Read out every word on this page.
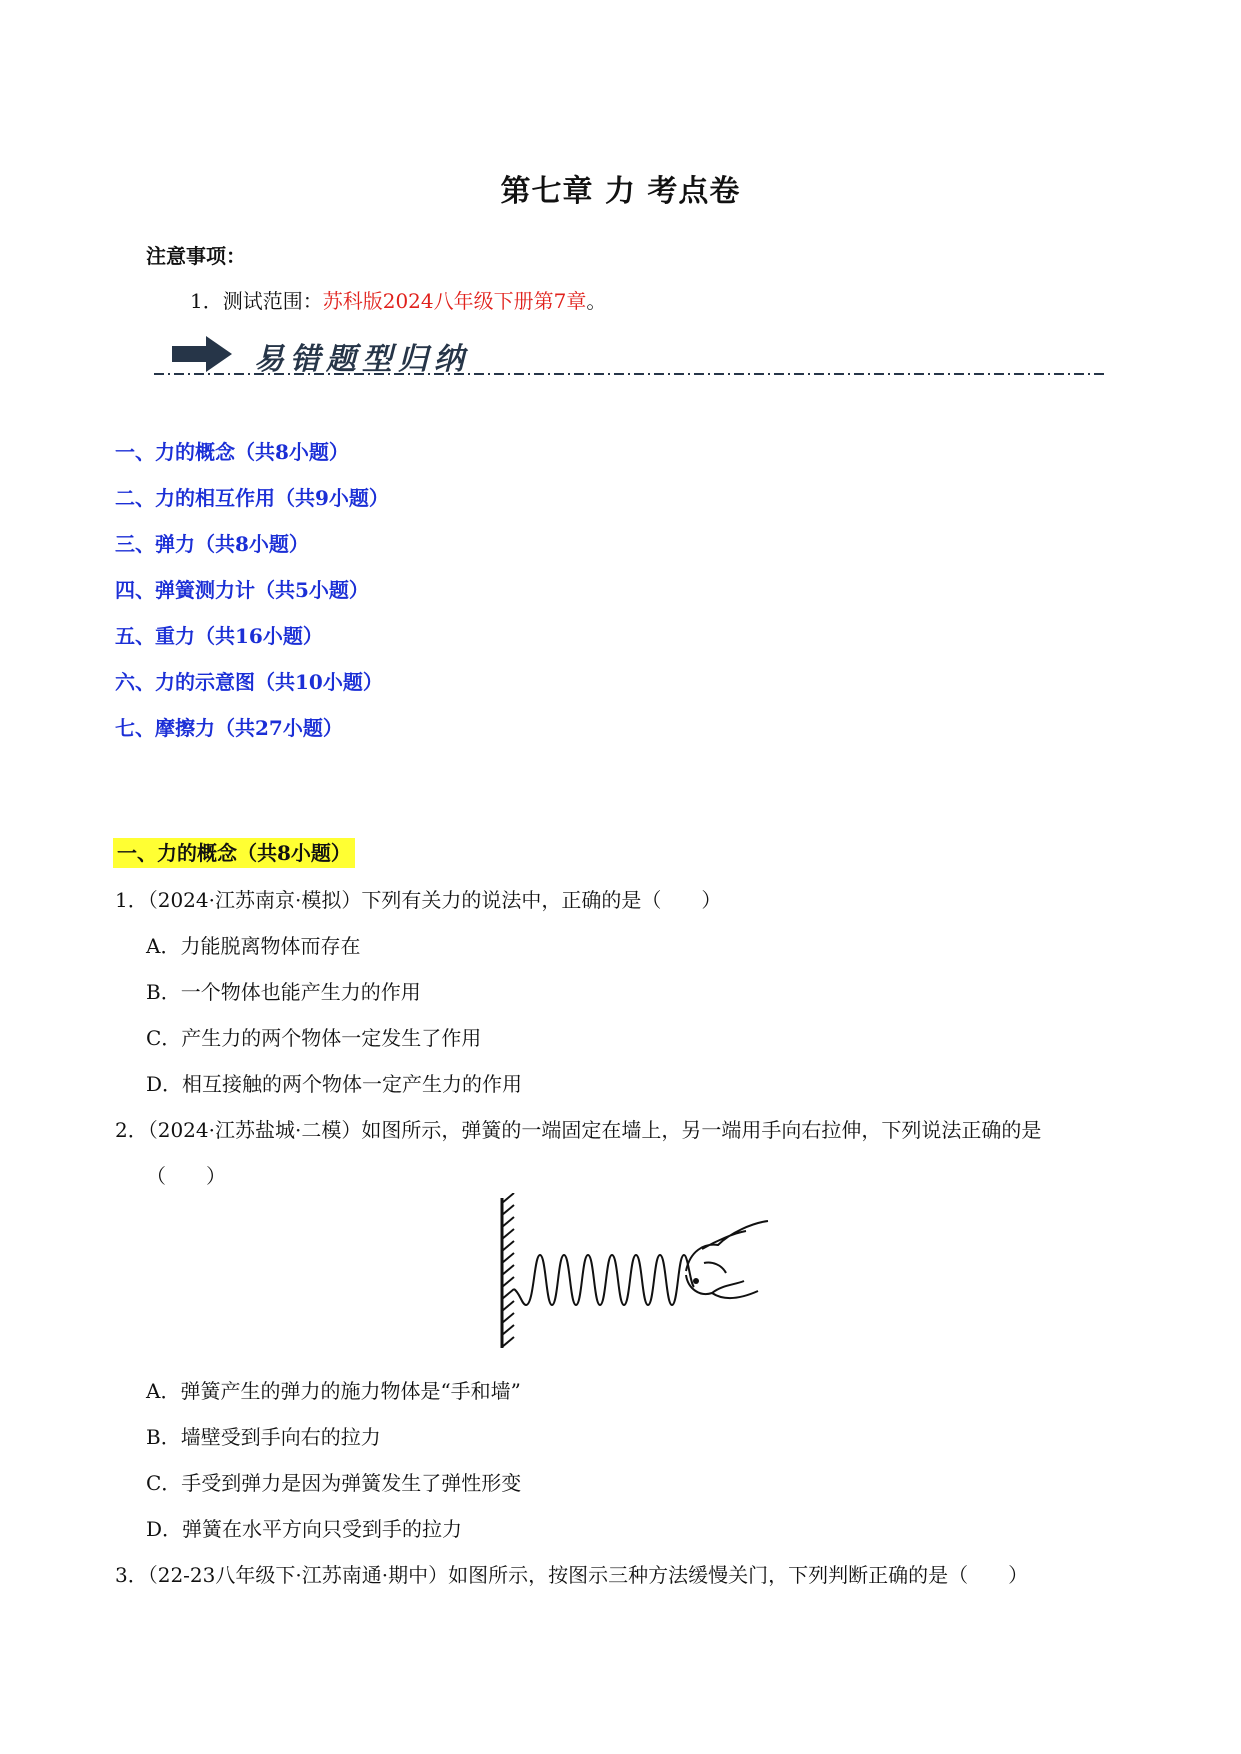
第七章 力 考点卷
注意事项：
1．测试范围：苏科版2024八年级下册第7章。
易错题型归纳
一、力的概念（共8小题）
二、力的相互作用（共9小题）
三、弹力（共8小题）
四、弹簧测力计（共5小题）
五、重力（共16小题）
六、力的示意图（共10小题）
七、摩擦力（共27小题）
一、力的概念（共8小题）
1．（2024·江苏南京·模拟）下列有关力的说法中，正确的是（　　）
A．力能脱离物体而存在
B．一个物体也能产生力的作用
C．产生力的两个物体一定发生了作用
D．相互接触的两个物体一定产生力的作用
2．（2024·江苏盐城·二模）如图所示，弹簧的一端固定在墙上，另一端用手向右拉伸，下列说法正确的是
（　　）
A．弹簧产生的弹力的施力物体是“手和墙”
B．墙壁受到手向右的拉力
C．手受到弹力是因为弹簧发生了弹性形变
D．弹簧在水平方向只受到手的拉力
3．（22-23八年级下·江苏南通·期中）如图所示，按图示三种方法缓慢关门，下列判断正确的是（　　）
